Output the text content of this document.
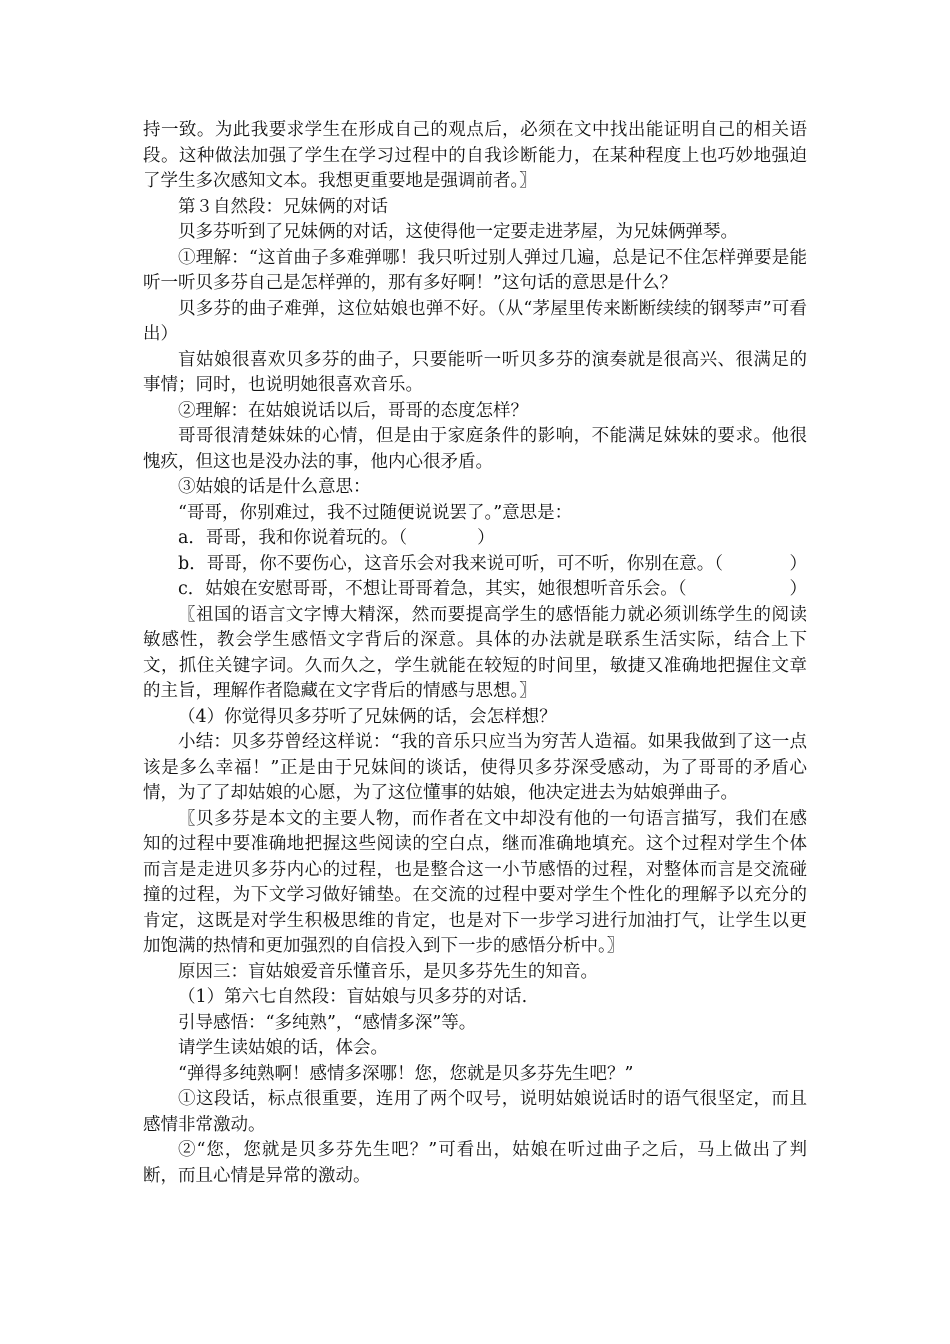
持一致。为此我要求学生在形成自己的观点后，必须在文中找出能证明自己的相关语段。这种做法加强了学生在学习过程中的自我诊断能力，在某种程度上也巧妙地强迫了学生多次感知文本。我想更重要地是强调前者。〗

第３自然段：兄妹俩的对话

贝多芬听到了兄妹俩的对话，这使得他一定要走进茅屋，为兄妹俩弹琴。

①理解：“这首曲子多难弹哪！我只听过别人弹过几遍，总是记不住怎样弹要是能听一听贝多芬自己是怎样弹的，那有多好啊！”这句话的意思是什么？

贝多芬的曲子难弹，这位姑娘也弹不好。（从“茅屋里传来断断续续的钢琴声”可看出）

盲姑娘很喜欢贝多芬的曲子，只要能听一听贝多芬的演奏就是很高兴、很满足的事情；同时，也说明她很喜欢音乐。

②理解：在姑娘说话以后，哥哥的态度怎样？

哥哥很清楚妹妹的心情，但是由于家庭条件的影响，不能满足妹妹的要求。他很愧疚，但这也是没办法的事，他内心很矛盾。

③姑娘的话是什么意思：

“哥哥，你别难过，我不过随便说说罢了。”意思是：

a．哥哥，我和你说着玩的。（　　　　）
b．哥哥，你不要伤心，这音乐会对我来说可听，可不听，你别在意。（	）
c．姑娘在安慰哥哥，不想让哥哥着急，其实，她很想听音乐会。（	）

〖祖国的语言文字博大精深，然而要提高学生的感悟能力就必须训练学生的阅读敏感性，教会学生感悟文字背后的深意。具体的办法就是联系生活实际，结合上下文，抓住关键字词。久而久之，学生就能在较短的时间里，敏捷又准确地把握住文章的主旨，理解作者隐藏在文字背后的情感与思想。〗

（4）你觉得贝多芬听了兄妹俩的话，会怎样想？

小结：贝多芬曾经这样说：“我的音乐只应当为穷苦人造福。如果我做到了这一点该是多么幸福！”正是由于兄妹间的谈话，使得贝多芬深受感动，为了哥哥的矛盾心情，为了了却姑娘的心愿，为了这位懂事的姑娘，他决定进去为姑娘弹曲子。

〖贝多芬是本文的主要人物，而作者在文中却没有他的一句语言描写，我们在感知的过程中要准确地把握这些阅读的空白点，继而准确地填充。这个过程对学生个体而言是走进贝多芬内心的过程，也是整合这一小节感悟的过程，对整体而言是交流碰撞的过程，为下文学习做好铺垫。在交流的过程中要对学生个性化的理解予以充分的肯定，这既是对学生积极思维的肯定，也是对下一步学习进行加油打气，让学生以更加饱满的热情和更加强烈的自信投入到下一步的感悟分析中。〗

原因三：盲姑娘爱音乐懂音乐，是贝多芬先生的知音。

（1）第六七自然段：盲姑娘与贝多芬的对话.

引导感悟：“多纯熟”，“感情多深”等。

请学生读姑娘的话，体会。

“弹得多纯熟啊！感情多深哪！您，您就是贝多芬先生吧？”

①这段话，标点很重要，连用了两个叹号，说明姑娘说话时的语气很坚定，而且感情非常激动。

②“您，您就是贝多芬先生吧？”可看出，姑娘在听过曲子之后，马上做出了判断，而且心情是异常的激动。
